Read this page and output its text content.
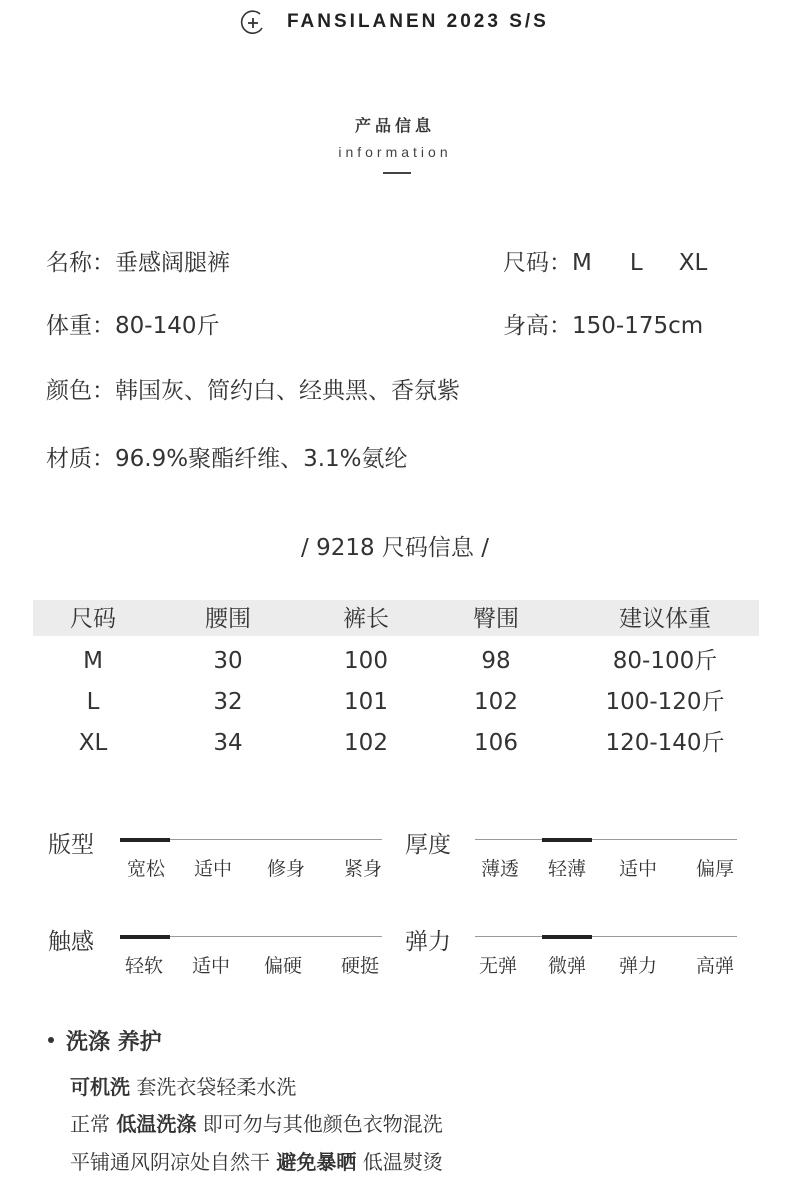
FANSILANEN 2023 S/S
产品信息
information
名称：垂感阔腿裤	尺码：M L XL
体重：80-140斤	身高：150-175cm
颜色：韩国灰、简约白、经典黑、香氛紫
材质：96.9%聚酯纤维、3.1%氨纶
/ 9218 尺码信息 /
尺码	腰围	裤长	臀围	建议体重
M	30	100	98	80-100斤
L	32	101	102	100-120斤
XL	34	102	106	120-140斤
版型
宽松	适中	修身	紧身
厚度
薄透	轻薄	适中	偏厚
触感
轻软	适中	偏硬	硬挺
弹力
无弹	微弹	弹力	高弹
洗涤 养护
可机洗 套洗衣袋轻柔水洗
正常 低温洗涤 即可勿与其他颜色衣物混洗
平铺通风阴凉处自然干 避免暴晒 低温熨烫
